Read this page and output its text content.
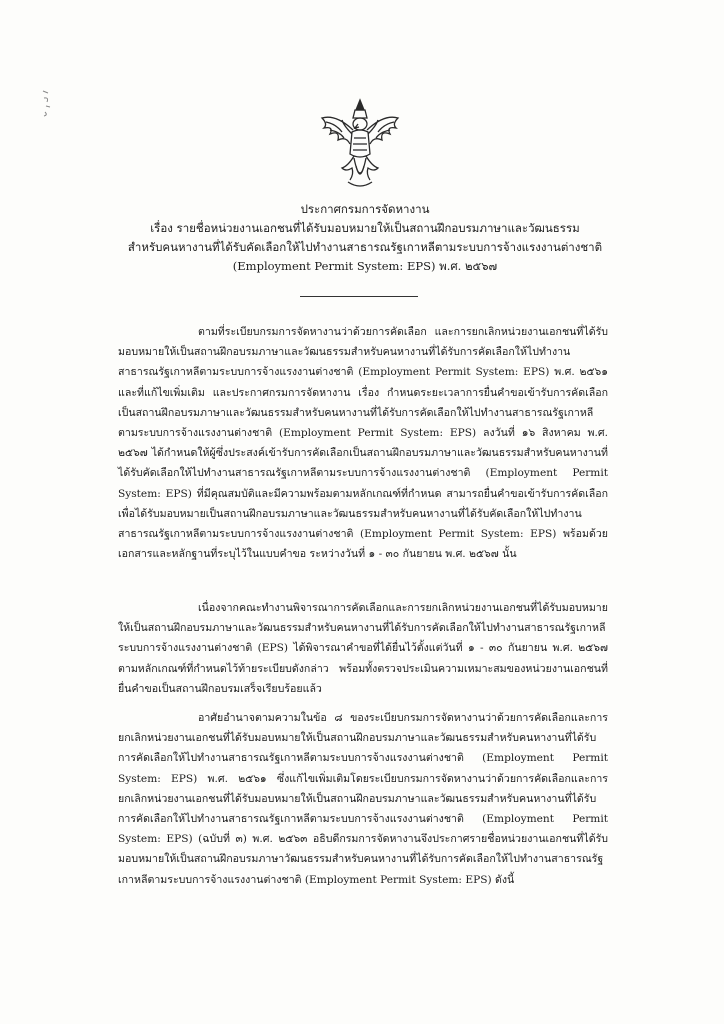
ประกาศกรมการจัดหางาน
เรื่อง รายชื่อหน่วยงานเอกชนที่ได้รับมอบหมายให้เป็นสถานฝึกอบรมภาษาและวัฒนธรรม
สำหรับคนหางานที่ได้รับคัดเลือกให้ไปทำงานสาธารณรัฐเกาหลีตามระบบการจ้างแรงงานต่างชาติ
(Employment Permit System: EPS) พ.ศ. ๒๕๖๗

ตามที่ระเบียบกรมการจัดหางานว่าด้วยการคัดเลือก และการยกเลิกหน่วยงานเอกชนที่ได้รับมอบหมายให้เป็นสถานฝึกอบรมภาษาและวัฒนธรรมสำหรับคนหางานที่ได้รับการคัดเลือกให้ไปทำงานสาธารณรัฐเกาหลีตามระบบการจ้างแรงงานต่างชาติ (Employment Permit System: EPS) พ.ศ. ๒๕๖๑ และที่แก้ไขเพิ่มเติม และประกาศกรมการจัดหางาน เรื่อง กำหนดระยะเวลาการยื่นคำขอเข้ารับการคัดเลือกเป็นสถานฝึกอบรมภาษาและวัฒนธรรมสำหรับคนหางานที่ได้รับการคัดเลือกให้ไปทำงานสาธารณรัฐเกาหลีตามระบบการจ้างแรงงานต่างชาติ (Employment Permit System: EPS) ลงวันที่ ๑๖ สิงหาคม พ.ศ. ๒๕๖๗ ได้กำหนดให้ผู้ซึ่งประสงค์เข้ารับการคัดเลือกเป็นสถานฝึกอบรมภาษาและวัฒนธรรมสำหรับคนหางานที่ได้รับคัดเลือกให้ไปทำงานสาธารณรัฐเกาหลีตามระบบการจ้างแรงงานต่างชาติ (Employment Permit System: EPS) ที่มีคุณสมบัติและมีความพร้อมตามหลักเกณฑ์ที่กำหนด สามารถยื่นคำขอเข้ารับการคัดเลือกเพื่อได้รับมอบหมายเป็นสถานฝึกอบรมภาษาและวัฒนธรรมสำหรับคนหางานที่ได้รับคัดเลือกให้ไปทำงานสาธารณรัฐเกาหลีตามระบบการจ้างแรงงานต่างชาติ (Employment Permit System: EPS) พร้อมด้วยเอกสารและหลักฐานที่ระบุไว้ในแบบคำขอ ระหว่างวันที่ ๑ - ๓๐ กันยายน พ.ศ. ๒๕๖๗ นั้น

เนื่องจากคณะทำงานพิจารณาการคัดเลือกและการยกเลิกหน่วยงานเอกชนที่ได้รับมอบหมายให้เป็นสถานฝึกอบรมภาษาและวัฒนธรรมสำหรับคนหางานที่ได้รับการคัดเลือกให้ไปทำงานสาธารณรัฐเกาหลีระบบการจ้างแรงงานต่างชาติ (EPS) ได้พิจารณาคำขอที่ได้ยื่นไว้ตั้งแต่วันที่ ๑ - ๓๐ กันยายน พ.ศ. ๒๕๖๗ ตามหลักเกณฑ์ที่กำหนดไว้ท้ายระเบียบดังกล่าว พร้อมทั้งตรวจประเมินความเหมาะสมของหน่วยงานเอกชนที่ยื่นคำขอเป็นสถานฝึกอบรมเสร็จเรียบร้อยแล้ว

อาศัยอำนาจตามความในข้อ ๘ ของระเบียบกรมการจัดหางานว่าด้วยการคัดเลือกและการยกเลิกหน่วยงานเอกชนที่ได้รับมอบหมายให้เป็นสถานฝึกอบรมภาษาและวัฒนธรรมสำหรับคนหางานที่ได้รับการคัดเลือกให้ไปทำงานสาธารณรัฐเกาหลีตามระบบการจ้างแรงงานต่างชาติ (Employment Permit System: EPS) พ.ศ. ๒๕๖๑ ซึ่งแก้ไขเพิ่มเติมโดยระเบียบกรมการจัดหางานว่าด้วยการคัดเลือกและการยกเลิกหน่วยงานเอกชนที่ได้รับมอบหมายให้เป็นสถานฝึกอบรมภาษาและวัฒนธรรมสำหรับคนหางานที่ได้รับการคัดเลือกให้ไปทำงานสาธารณรัฐเกาหลีตามระบบการจ้างแรงงานต่างชาติ (Employment Permit System: EPS) (ฉบับที่ ๓) พ.ศ. ๒๕๖๓ อธิบดีกรมการจัดหางานจึงประกาศรายชื่อหน่วยงานเอกชนที่ได้รับมอบหมายให้เป็นสถานฝึกอบรมภาษาวัฒนธรรมสำหรับคนหางานที่ได้รับการคัดเลือกให้ไปทำงานสาธารณรัฐเกาหลีตามระบบการจ้างแรงงานต่างชาติ (Employment Permit System: EPS) ดังนี้
